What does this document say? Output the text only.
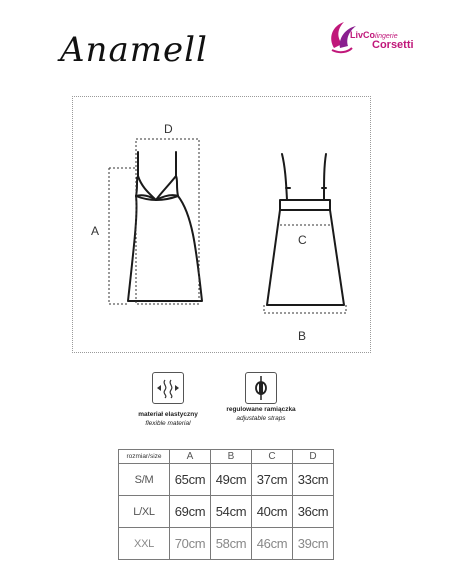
Anamell	LivColingerie
Corsetti
D
A
C
B
materiał elastyczny
flexible material
regulowane ramiączka
adjustable straps
rozmiar/size	A	B	C	D
S/M	65cm	49cm	37cm	33cm
L/XL	69cm	54cm	40cm	36cm
XXL	70cm	58cm	46cm	39cm
